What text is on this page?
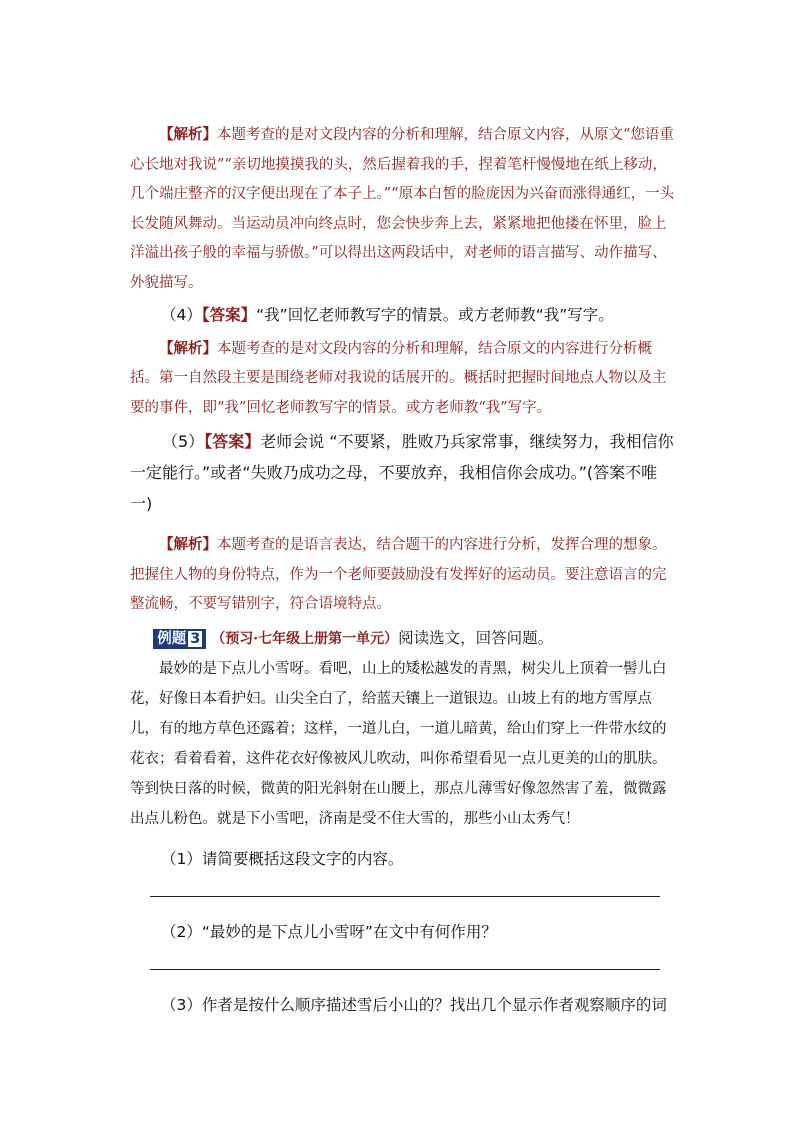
【解析】本题考查的是对文段内容的分析和理解，结合原文内容，从原文“您语重心长地对我说”“亲切地摸摸我的头，然后握着我的手，捏着笔杆慢慢地在纸上移动，几个端庄整齐的汉字便出现在了本子上。”“原本白皙的脸庞因为兴奋而涨得通红，一头长发随风舞动。当运动员冲向终点时，您会快步奔上去，紧紧地把他搂在怀里，脸上洋溢出孩子般的幸福与骄傲。”可以得出这两段话中，对老师的语言描写、动作描写、外貌描写。

（4）【答案】“我”回忆老师教写字的情景。或方老师教“我”写字。

【解析】本题考查的是对文段内容的分析和理解，结合原文的内容进行分析概括。第一自然段主要是围绕老师对我说的话展开的。概括时把握时间地点人物以及主要的事件，即“我”回忆老师教写字的情景。或方老师教“我”写字。

（5）【答案】老师会说 “不要紧，胜败乃兵家常事，继续努力，我相信你一定能行。”或者“失败乃成功之母，不要放弃，我相信你会成功。”(答案不唯一)

【解析】本题考查的是语言表达，结合题干的内容进行分析，发挥合理的想象。把握住人物的身份特点，作为一个老师要鼓励没有发挥好的运动员。要注意语言的完整流畅，不要写错别字，符合语境特点。

例题 3 （预习·七年级上册第一单元）阅读选文，回答问题。

最妙的是下点儿小雪呀。看吧，山上的矮松越发的青黑，树尖儿上顶着一髻儿白花，好像日本看护妇。山尖全白了，给蓝天镶上一道银边。山坡上有的地方雪厚点儿，有的地方草色还露着；这样，一道儿白，一道儿暗黄，给山们穿上一件带水纹的花衣；看着看着，这件花衣好像被风儿吹动，叫你希望看见一点儿更美的山的肌肤。等到快日落的时候，微黄的阳光斜射在山腰上，那点儿薄雪好像忽然害了羞，微微露出点儿粉色。就是下小雪吧，济南是受不住大雪的，那些小山太秀气！

（1）请简要概括这段文字的内容。

（2）“最妙的是下点儿小雪呀”在文中有何作用？

（3）作者是按什么顺序描述雪后小山的？找出几个显示作者观察顺序的词
